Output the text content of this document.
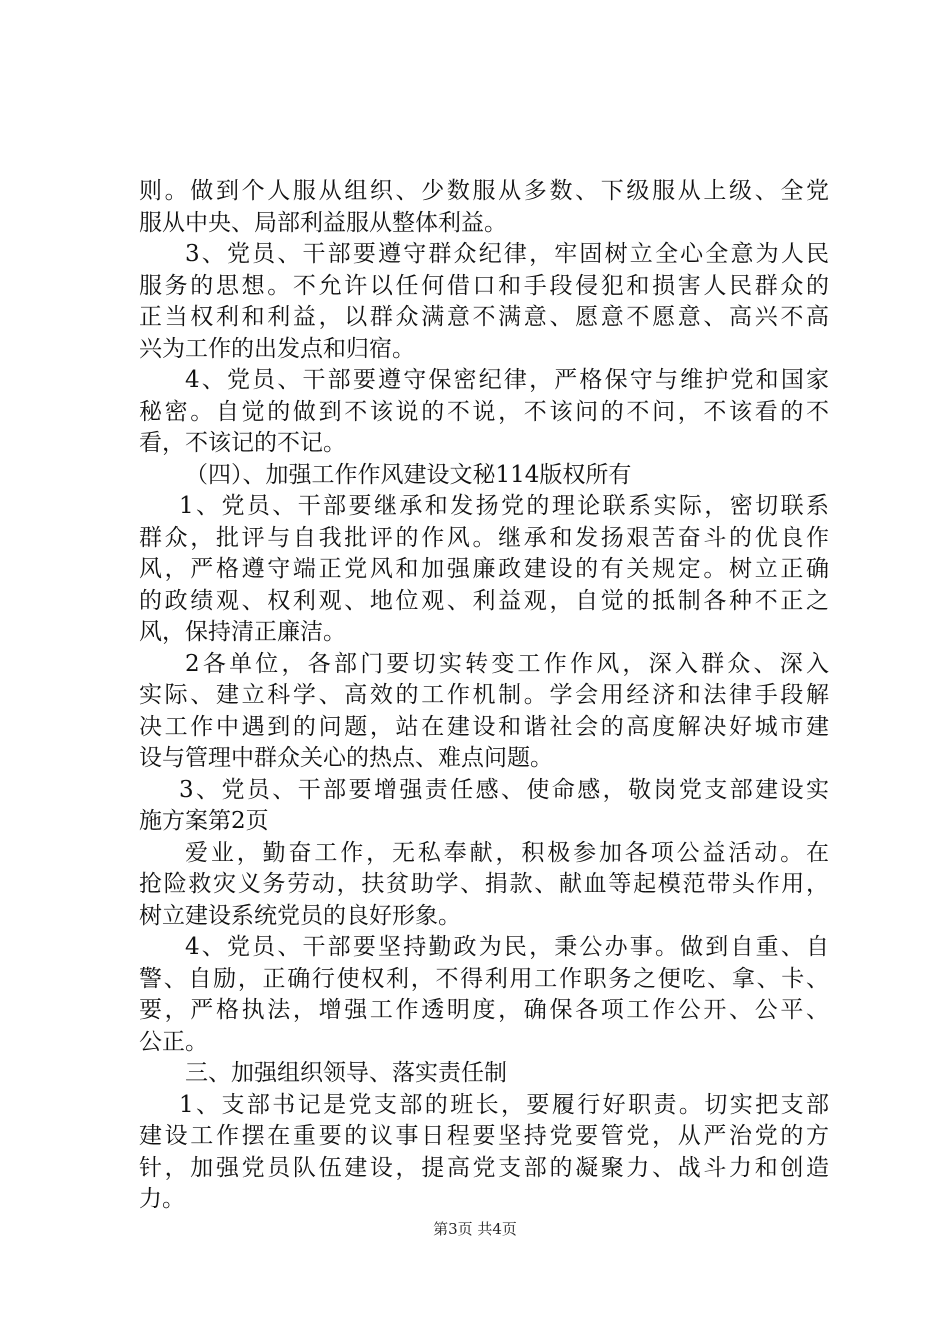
则。做到个人服从组织、少数服从多数、下级服从上级、全党
服从中央、局部利益服从整体利益。
3、党员、干部要遵守群众纪律，牢固树立全心全意为人民
服务的思想。不允许以任何借口和手段侵犯和损害人民群众的
正当权利和利益，以群众满意不满意、愿意不愿意、高兴不高
兴为工作的出发点和归宿。
4、党员、干部要遵守保密纪律，严格保守与维护党和国家
秘密。自觉的做到不该说的不说，不该问的不问，不该看的不
看，不该记的不记。
（四）、加强工作作风建设文秘114版权所有
1、党员、干部要继承和发扬党的理论联系实际，密切联系
群众，批评与自我批评的作风。继承和发扬艰苦奋斗的优良作
风，严格遵守端正党风和加强廉政建设的有关规定。树立正确
的政绩观、权利观、地位观、利益观，自觉的抵制各种不正之
风，保持清正廉洁。
2各单位，各部门要切实转变工作作风，深入群众、深入
实际、建立科学、高效的工作机制。学会用经济和法律手段解
决工作中遇到的问题，站在建设和谐社会的高度解决好城市建
设与管理中群众关心的热点、难点问题。
3、党员、干部要增强责任感、使命感，敬岗党支部建设实
施方案第2页
爱业，勤奋工作，无私奉献，积极参加各项公益活动。在
抢险救灾义务劳动，扶贫助学、捐款、献血等起模范带头作用，
树立建设系统党员的良好形象。
4、党员、干部要坚持勤政为民，秉公办事。做到自重、自
警、自励，正确行使权利，不得利用工作职务之便吃、拿、卡、
要，严格执法，增强工作透明度，确保各项工作公开、公平、
公正。
三、加强组织领导、落实责任制
1、支部书记是党支部的班长，要履行好职责。切实把支部
建设工作摆在重要的议事日程要坚持党要管党，从严治党的方
针，加强党员队伍建设，提高党支部的凝聚力、战斗力和创造
力。
第3页 共4页
